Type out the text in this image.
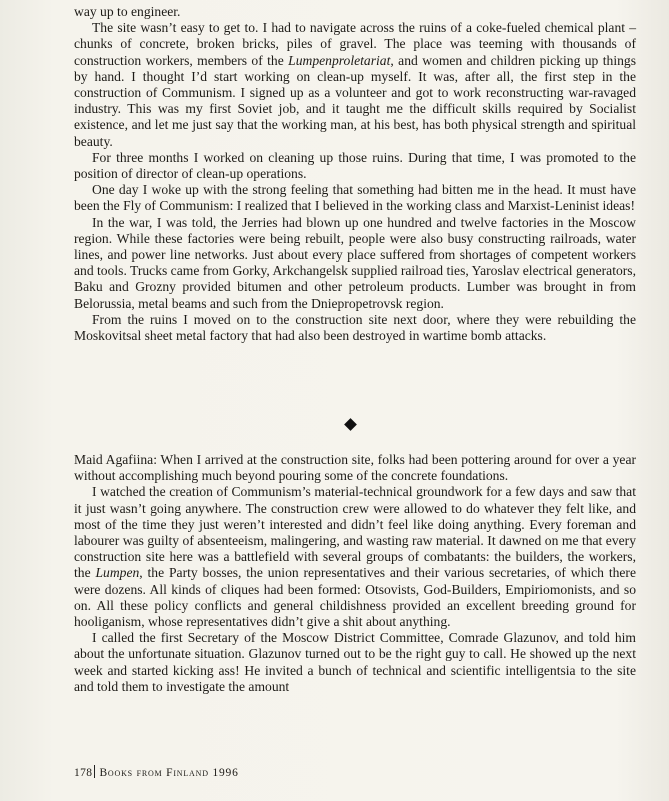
way up to engineer.

The site wasn’t easy to get to. I had to navigate across the ruins of a coke-fueled chemical plant – chunks of concrete, broken bricks, piles of gravel. The place was teeming with thousands of construction workers, members of the Lumpenproletariat, and women and children picking up things by hand. I thought I’d start working on clean-up myself. It was, after all, the first step in the construction of Communism. I signed up as a volunteer and got to work reconstructing war-ravaged industry. This was my first Soviet job, and it taught me the difficult skills required by Socialist existence, and let me just say that the working man, at his best, has both physical strength and spiritual beauty.

For three months I worked on cleaning up those ruins. During that time, I was promoted to the position of director of clean-up operations.

One day I woke up with the strong feeling that something had bitten me in the head. It must have been the Fly of Communism: I realized that I believed in the working class and Marxist-Leninist ideas!

In the war, I was told, the Jerries had blown up one hundred and twelve factories in the Moscow region. While these factories were being rebuilt, people were also busy constructing railroads, water lines, and power line networks. Just about every place suffered from shortages of competent workers and tools. Trucks came from Gorky, Arkchangelsk supplied railroad ties, Yaroslav electrical generators, Baku and Grozny provided bitumen and other petroleum products. Lumber was brought in from Belorussia, metal beams and such from the Dniepropetrovsk region.

From the ruins I moved on to the construction site next door, where they were rebuilding the Moskovitsal sheet metal factory that had also been destroyed in wartime bomb attacks.

Maid Agafiina: When I arrived at the construction site, folks had been pottering around for over a year without accomplishing much beyond pouring some of the concrete foundations.

I watched the creation of Communism’s material-technical groundwork for a few days and saw that it just wasn’t going anywhere. The construction crew were allowed to do whatever they felt like, and most of the time they just weren’t interested and didn’t feel like doing anything. Every foreman and labourer was guilty of absenteeism, malingering, and wasting raw material. It dawned on me that every construction site here was a battlefield with several groups of combatants: the builders, the workers, the Lumpen, the Party bosses, the union representatives and their various secretaries, of which there were dozens. All kinds of cliques had been formed: Otsovists, God-Builders, Empiriomonists, and so on. All these policy conflicts and general childishness provided an excellent breeding ground for hooliganism, whose representatives didn’t give a shit about anything.

I called the first Secretary of the Moscow District Committee, Comrade Glazunov, and told him about the unfortunate situation. Glazunov turned out to be the right guy to call. He showed up the next week and started kicking ass! He invited a bunch of technical and scientific intelligentsia to the site and told them to investigate the amount

178 Books from Finland 1996
